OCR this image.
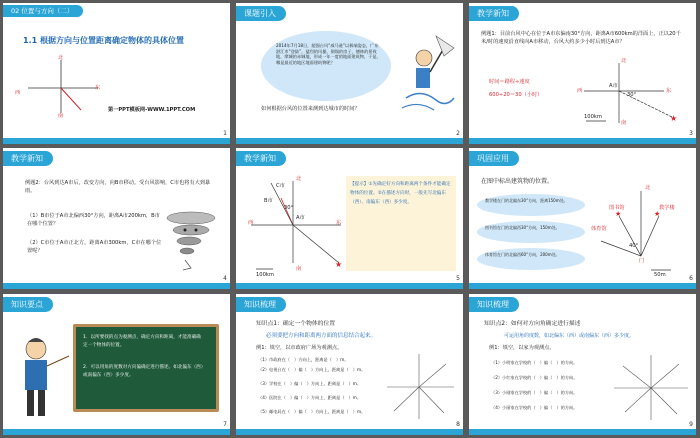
02 位置与方向（二）
1.1 根据方向与位置距离确定物体的具体位置
北
西
东
南
第一PPT模板网-WWW.1PPT.COM
1
课题引入
2014年7月18日，超强台风“威马逊”以极端姿态，广东湛江市“登陆”，猛烈的风暴，倒塌的房子，德林的景致地，摩城的赤城地，形成一年一度的地面建筑物，于是，哪是最近的地区地面建筑物呢？
如何根据台风的位置来测到达城市的时间？
2
教学新知
例题1：目前台风中心在位于A市东偏南30°方向，距离A市600km的洋面上，正以20千米/时的速度沿直线向A市移动，台风大约多少小时后到达A市？
时间＝路程÷速度
600÷20＝30（小时）
★
北
西	东
南
A市
30°
100km
3
教学新知
例题2：台风到达A市后，改变方向，向B市移动。受台风影响，C市也将有大到暴雨。
（1）B市位于A市北偏西30°方向，距离A市200km，B市在哪个位置？
（2）C市位于A市正北方，距离A市300km，C市在哪个位置呢？
4
教学新知
★
北
西	东
南
C市
B市
A市
30°
100km
【提示】①先确定好方向和距离两个条件才能确定物体的位置。②在描述方向时，一般先写北偏东（西）、南偏东（西）多少度。
5
巩固应用
在图中标出建筑物的位置。
教学楼在门的北偏东30°方向，距离150m处。
图书馆在门的北偏西30°方向，150m处。
体育馆在门的北偏西60°方向，200m处。
★
★
北
教学楼
图书馆
体育馆
40°
门
50m	6
知识要点
1．以所要找的点为观测点，确定方向和距离，才能准确确定一个物体的位置。
2．可以用角的度数对方向偏确定进行描述。如北偏东（西）或南偏东（西）多少度。
7
知识梳理
知识点1：确定一个物体的位置
必须要把方向和距离两方面的信息结合起来。
例1：填空，以市政府广场为观测点。
（1）市政府在（　）方向上，距离是（　）m。
（2）电视台在（　）偏（　）方向上，距离是（　）m。
（3）学校在（　）偏（　）方向上，距离是（　）m。
（4）医院在（　）偏（　）方向上，距离是（　）m。
（5）邮电局在（　）偏（　）方向上，距离是（　）m。
8
知识梳理
知识点2：如何对方向角确定进行描述
可运用角的度数，如北偏东（西）或南偏东（西）多少度。
例1：填空，以家为观测点。
（1）小明家在学校的（　）偏（　）的方向。
（2）小红家在学校的（　）偏（　）的方向。
（3）小刚家在学校的（　）偏（　）的方向。
（4）小丽家在学校的（　）偏（　）的方向。
9
